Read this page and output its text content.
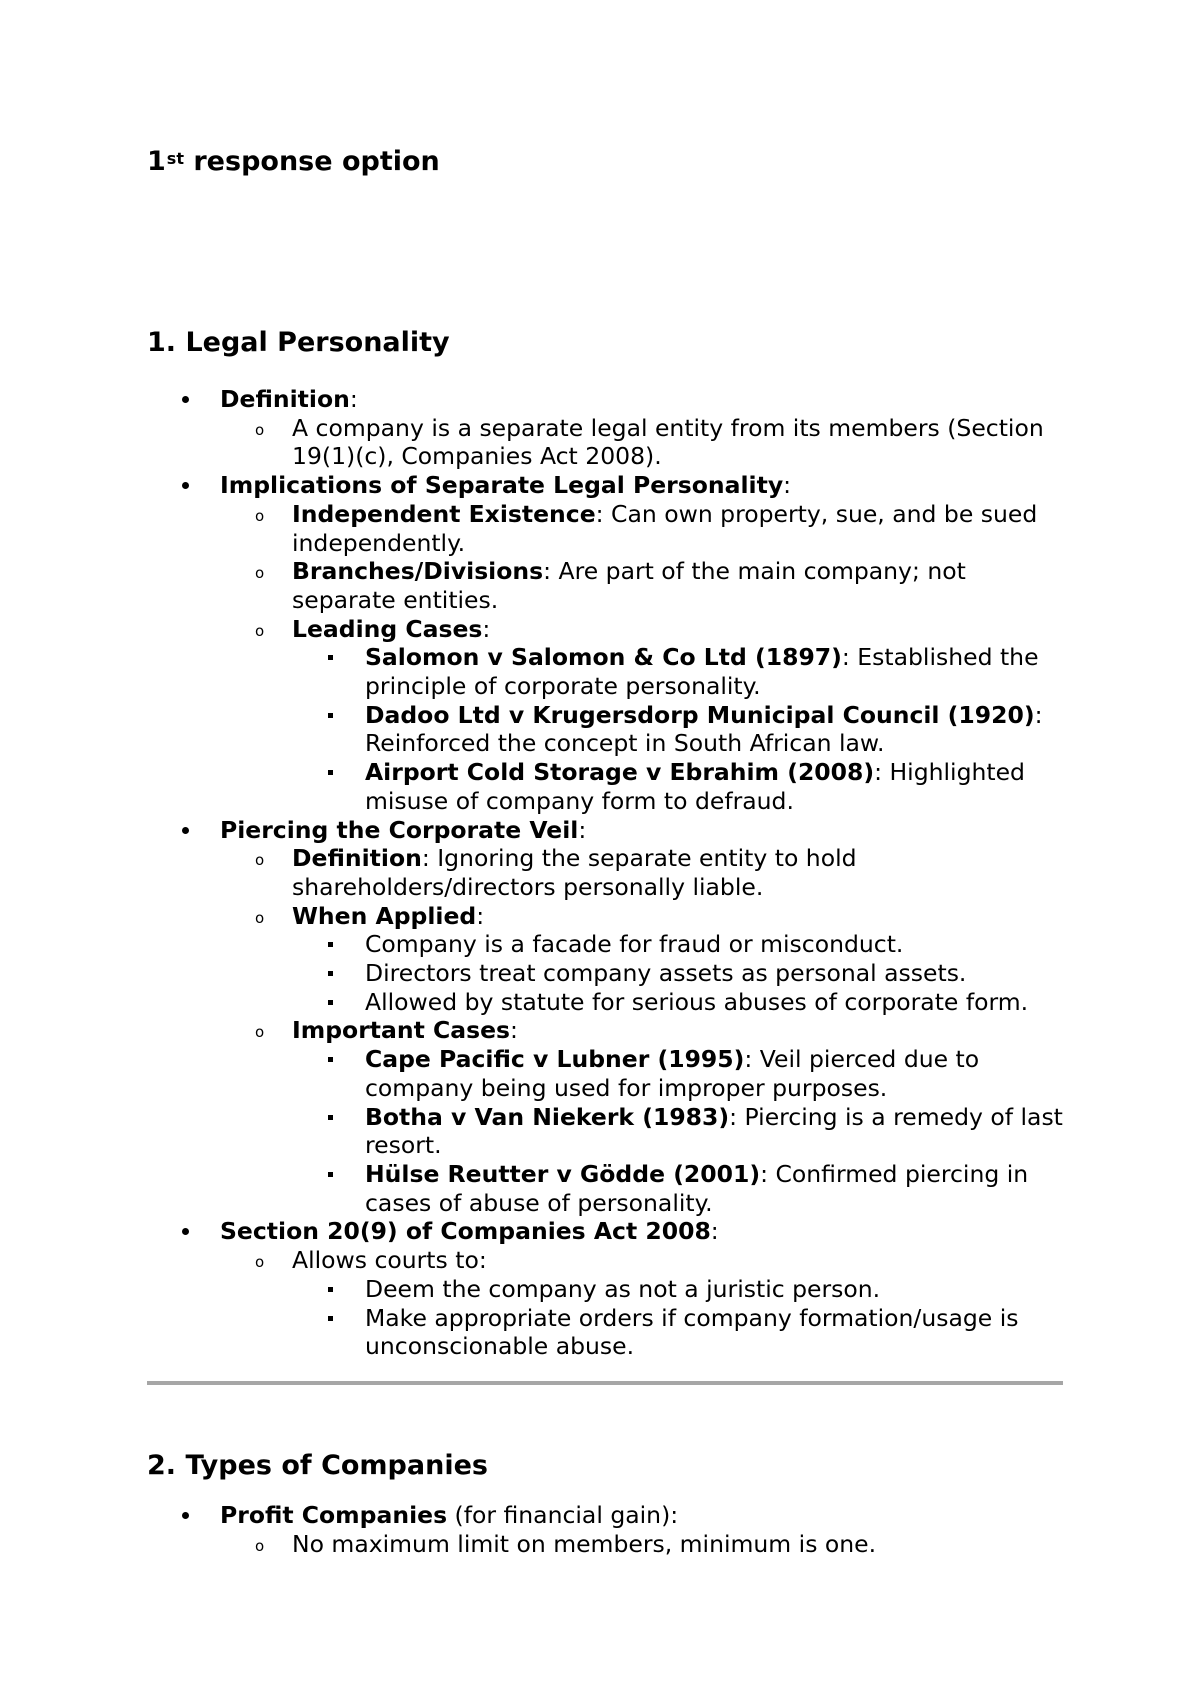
1st response option
1. Legal Personality
Definition:
A company is a separate legal entity from its members (Section 19(1)(c), Companies Act 2008).
Implications of Separate Legal Personality:
Independent Existence: Can own property, sue, and be sued independently.
Branches/Divisions: Are part of the main company; not separate entities.
Leading Cases:
Salomon v Salomon & Co Ltd (1897): Established the principle of corporate personality.
Dadoo Ltd v Krugersdorp Municipal Council (1920): Reinforced the concept in South African law.
Airport Cold Storage v Ebrahim (2008): Highlighted misuse of company form to defraud.
Piercing the Corporate Veil:
Definition: Ignoring the separate entity to hold shareholders/directors personally liable.
When Applied:
Company is a facade for fraud or misconduct.
Directors treat company assets as personal assets.
Allowed by statute for serious abuses of corporate form.
Important Cases:
Cape Pacific v Lubner (1995): Veil pierced due to company being used for improper purposes.
Botha v Van Niekerk (1983): Piercing is a remedy of last resort.
Hülse Reutter v Gödde (2001): Confirmed piercing in cases of abuse of personality.
Section 20(9) of Companies Act 2008:
Allows courts to:
Deem the company as not a juristic person.
Make appropriate orders if company formation/usage is unconscionable abuse.
2. Types of Companies
Profit Companies (for financial gain):
No maximum limit on members, minimum is one.
